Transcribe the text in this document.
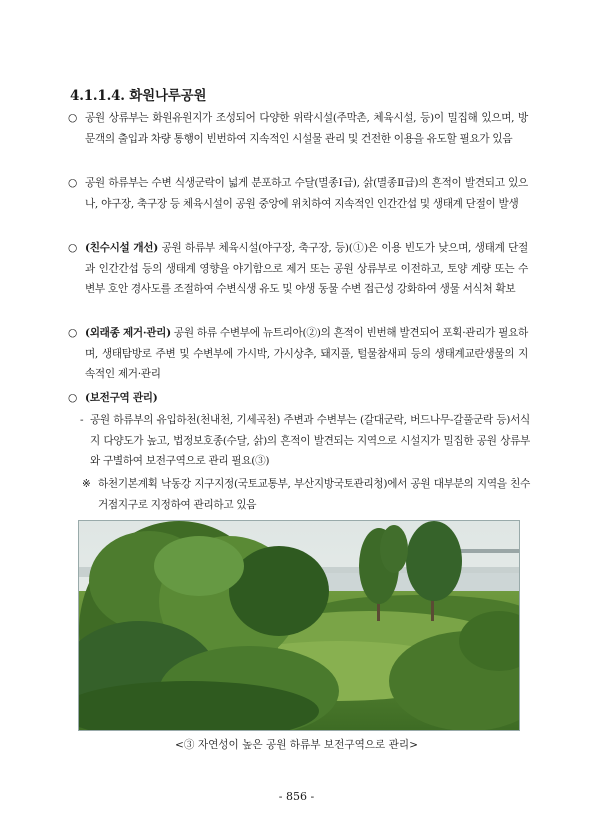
4.1.1.4. 화원나루공원
○ 공원 상류부는 화원유원지가 조성되어 다양한 위락시설(주막촌, 체육시설, 등)이 밀집해 있으며, 방문객의 출입과 차량 통행이 빈번하여 지속적인 시설물 관리 및 건전한 이용을 유도할 필요가 있음
○ 공원 하류부는 수변 식생군락이 넓게 분포하고 수달(멸종Ⅰ급), 삵(멸종Ⅱ급)의 흔적이 발견되고 있으나, 야구장, 축구장 등 체육시설이 공원 중앙에 위치하여 지속적인 인간간섭 및 생태계 단절이 발생
○ (친수시설 개선) 공원 하류부 체육시설(야구장, 축구장, 등)(①)은 이용 빈도가 낮으며, 생태계 단절과 인간간섭 등의 생태계 영향을 야기함으로 제거 또는 공원 상류부로 이전하고, 토양 계량 또는 수변부 호안 경사도를 조절하여 수변식생 유도 및 야생 동물 수변 접근성 강화하여 생물 서식처 확보
○ (외래종 제거·관리) 공원 하류 수변부에 뉴트리아(②)의 흔적이 빈번해 발견되어 포획·관리가 필요하며, 생태탐방로 주변 및 수변부에 가시박, 가시상추, 돼지풀, 털물참새피 등의 생태계교란생물의 지속적인 제거·관리
○ (보전구역 관리)
- 공원 하류부의 유입하천(천내천, 기세곡천) 주변과 수변부는 (갈대군락, 버드나무-갈풀군락 등)서식지 다양도가 높고, 법정보호종(수달, 삵)의 흔적이 발견되는 지역으로 시설지가 밀집한 공원 상류부와 구별하여 보전구역으로 관리 필요(③)
※ 하천기본계획 낙동강 지구지정(국토교통부, 부산지방국토관리청)에서 공원 대부분의 지역을 친수거점지구로 지정하여 관리하고 있음
<③ 자연성이 높은 공원 하류부 보전구역으로 관리>
- 856 -
